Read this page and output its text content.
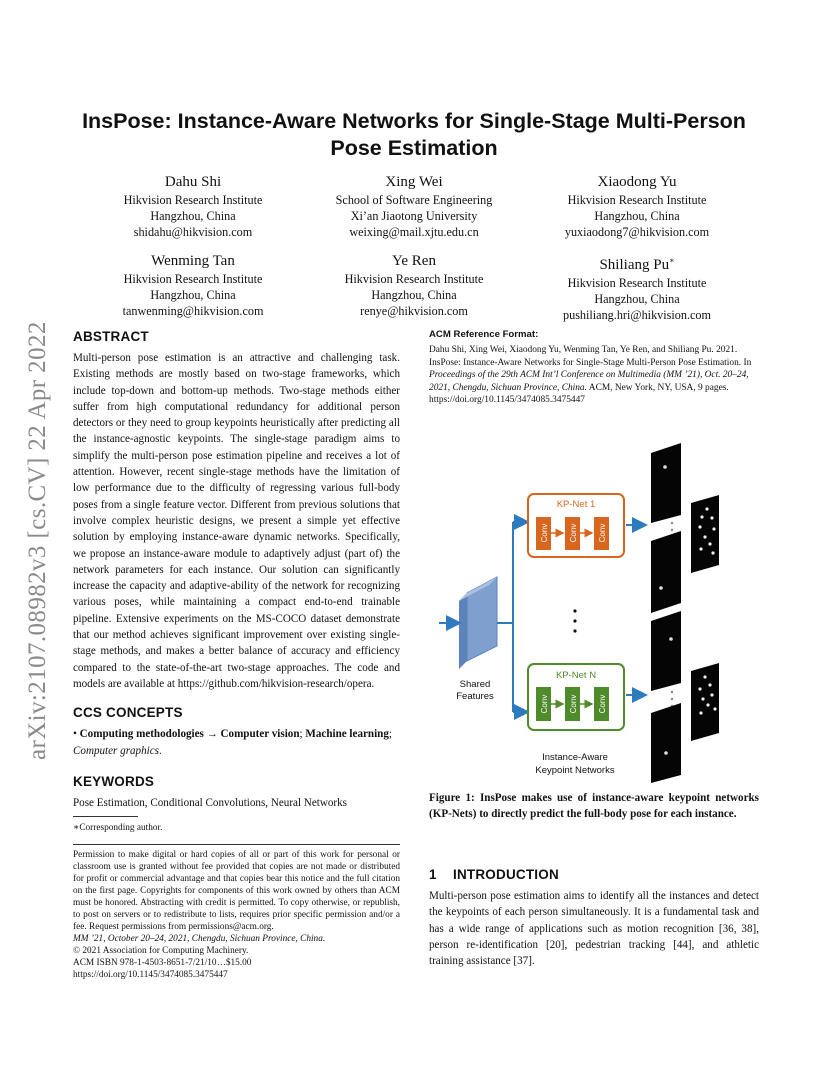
arXiv:2107.08982v3 [cs.CV] 22 Apr 2022
InsPose: Instance-Aware Networks for Single-Stage Multi-Person
Pose Estimation
Dahu Shi
Hikvision Research Institute
Hangzhou, China
shidahu@hikvision.com
Xing Wei
School of Software Engineering
Xi’an Jiaotong University
weixing@mail.xjtu.edu.cn
Xiaodong Yu
Hikvision Research Institute
Hangzhou, China
yuxiaodong7@hikvision.com
Wenming Tan
Hikvision Research Institute
Hangzhou, China
tanwenming@hikvision.com
Ye Ren
Hikvision Research Institute
Hangzhou, China
renye@hikvision.com
Shiliang Pu∗
Hikvision Research Institute
Hangzhou, China
pushiliang.hri@hikvision.com
ABSTRACT
Multi-person pose estimation is an attractive and challenging task. Existing methods are mostly based on two-stage frameworks, which include top-down and bottom-up methods. Two-stage methods either suffer from high computational redundancy for additional person detectors or they need to group keypoints heuristically after predicting all the instance-agnostic keypoints. The single-stage paradigm aims to simplify the multi-person pose estimation pipeline and receives a lot of attention. However, recent single-stage methods have the limitation of low performance due to the difficulty of regressing various full-body poses from a single feature vector. Different from previous solutions that involve complex heuristic designs, we present a simple yet effective solution by employing instance-aware dynamic networks. Specifically, we propose an instance-aware module to adaptively adjust (part of) the network parameters for each instance. Our solution can significantly increase the capacity and adaptive-ability of the network for recognizing various poses, while maintaining a compact end-to-end trainable pipeline. Extensive experiments on the MS-COCO dataset demonstrate that our method achieves significant improvement over existing single-stage methods, and makes a better balance of accuracy and efficiency compared to the state-of-the-art two-stage approaches. The code and models are available at https://github.com/hikvision-research/opera.
CCS CONCEPTS
• Computing methodologies → Computer vision; Machine learning; Computer graphics.
KEYWORDS
Pose Estimation, Conditional Convolutions, Neural Networks
∗Corresponding author.
Permission to make digital or hard copies of all or part of this work for personal or classroom use is granted without fee provided that copies are not made or distributed for profit or commercial advantage and that copies bear this notice and the full citation on the first page. Copyrights for components of this work owned by others than ACM must be honored. Abstracting with credit is permitted. To copy otherwise, or republish, to post on servers or to redistribute to lists, requires prior specific permission and/or a fee. Request permissions from permissions@acm.org.
MM ’21, October 20–24, 2021, Chengdu, Sichuan Province, China.
© 2021 Association for Computing Machinery.
ACM ISBN 978-1-4503-8651-7/21/10…$15.00
https://doi.org/10.1145/3474085.3475447
ACM Reference Format:
Dahu Shi, Xing Wei, Xiaodong Yu, Wenming Tan, Ye Ren, and Shiliang Pu. 2021. InsPose: Instance-Aware Networks for Single-Stage Multi-Person Pose Estimation. In Proceedings of the 29th ACM Int’l Conference on Multimedia (MM ’21), Oct. 20–24, 2021, Chengdu, Sichuan Province, China. ACM, New York, NY, USA, 9 pages. https://doi.org/10.1145/3474085.3475447
KP-Net 1
Conv	Conv	Conv
KP-Net N
Conv	Conv	Conv
Shared
Features
Instance-Aware
Keypoint Networks
Figure 1: InsPose makes use of instance-aware keypoint networks (KP-Nets) to directly predict the full-body pose for each instance.
1 INTRODUCTION
Multi-person pose estimation aims to identify all the instances and detect the keypoints of each person simultaneously. It is a fundamental task and has a wide range of applications such as motion recognition [36, 38], person re-identification [20], pedestrian tracking [44], and athletic training assistance [37].
